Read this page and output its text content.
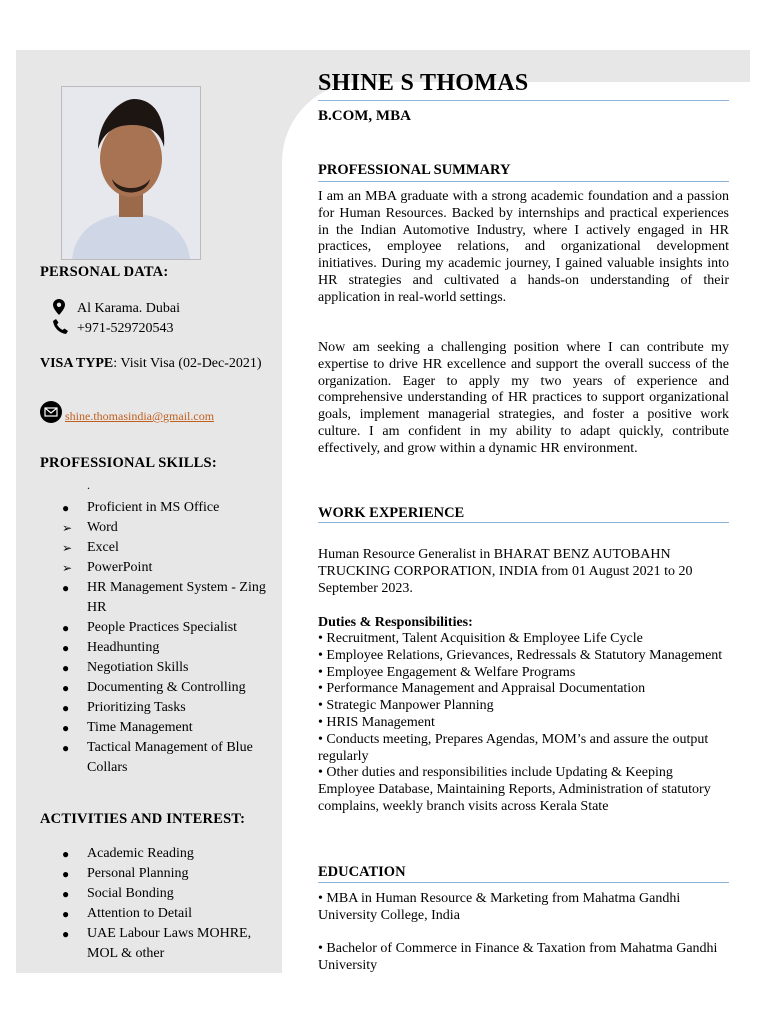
PERSONAL DATA:
Al Karama. Dubai
+971-529720543
VISA TYPE: Visit Visa (02-Dec-2021)
shine.thomasindia@gmail.com
PROFESSIONAL SKILLS:
.
●	Proficient in MS Office
➢	Word
➢	Excel
➢	PowerPoint
●	HR Management System - Zing HR
●	People Practices Specialist
●	Headhunting
●	Negotiation Skills
●	Documenting & Controlling
●	Prioritizing Tasks
●	Time Management
●	Tactical Management of Blue Collars
ACTIVITIES AND INTEREST:
●	Academic Reading
●	Personal Planning
●	Social Bonding
●	Attention to Detail
●	UAE Labour Laws MOHRE, MOL & other
SHINE S THOMAS
B.COM, MBA
PROFESSIONAL SUMMARY
I am an MBA graduate with a strong academic foundation and a passion for Human Resources. Backed by internships and practical experiences in the Indian Automotive Industry, where I actively engaged in HR practices, employee relations, and organizational development initiatives. During my academic journey, I gained valuable insights into HR strategies and cultivated a hands-on understanding of their application in real-world settings.
Now am seeking a challenging position where I can contribute my expertise to drive HR excellence and support the overall success of the organization. Eager to apply my two years of experience and comprehensive understanding of HR practices to support organizational goals, implement managerial strategies, and foster a positive work culture. I am confident in my ability to adapt quickly, contribute effectively, and grow within a dynamic HR environment.
WORK EXPERIENCE
Human Resource Generalist in BHARAT BENZ AUTOBAHN TRUCKING CORPORATION, INDIA from 01 August 2021 to 20 September 2023.
Duties & Responsibilities:
• Recruitment, Talent Acquisition & Employee Life Cycle
• Employee Relations, Grievances, Redressals & Statutory Management
• Employee Engagement & Welfare Programs
• Performance Management and Appraisal Documentation
• Strategic Manpower Planning
• HRIS Management
• Conducts meeting, Prepares Agendas, MOM’s and assure the output regularly
• Other duties and responsibilities include Updating & Keeping Employee Database, Maintaining Reports, Administration of statutory complains, weekly branch visits across Kerala State
EDUCATION
• MBA in Human Resource & Marketing from Mahatma Gandhi University College, India
• Bachelor of Commerce in Finance & Taxation from Mahatma Gandhi University
